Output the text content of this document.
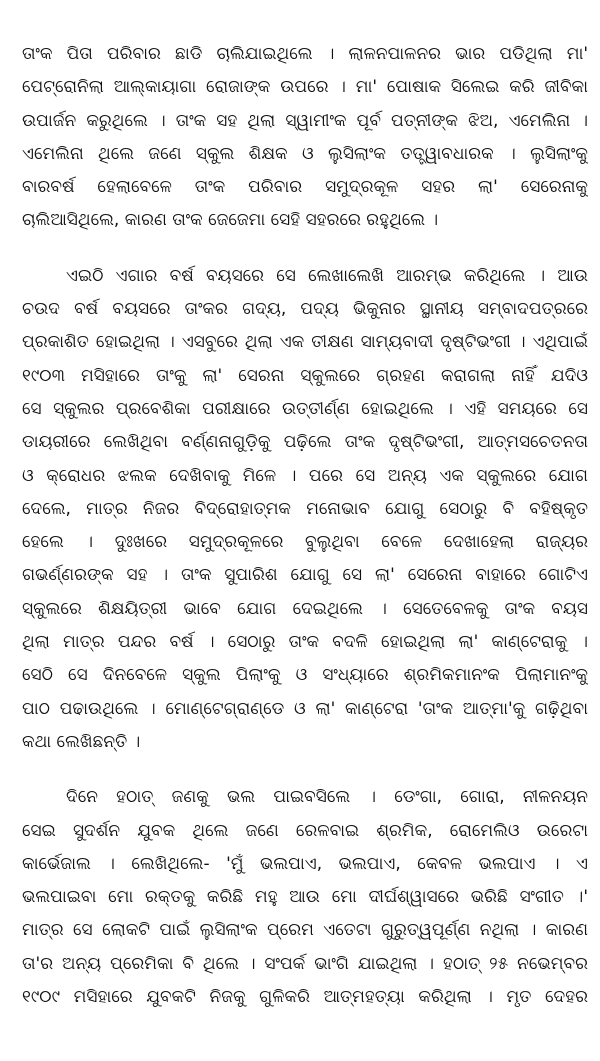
ତାଂକ ପିତା ପରିବାର ଛାଡି ଚାଲିଯାଇଥିଲେ । ଲାଳନପାଳନର ଭାର ପଡିଥିଲା ମା'
ପେଟ୍ରୋନିଲା ଆଲ୍‌କାୟାଗା ରୋଜାଙ୍କ ଉପରେ । ମା' ପୋଷାକ ସିଲେଇ କରି ଜୀବିକା
ଉପାର୍ଜନ କରୁଥିଲେ । ତାଂକ ସହ ଥିଲା ସ୍ୱାମୀଂକ ପୂର୍ବ ପତ୍ନୀଙ୍କ ଝିଅ, ଏମେଲିନା ।
ଏମେଲିନା ଥିଲେ ଜଣେ ସ୍କୁଲ ଶିକ୍ଷକ ଓ ଲୁସିଲାଂକ ତତ୍ତ୍ୱାବଧାରକ । ଲୁସିଲାଂକୁ
ବାରବର୍ଷ ହେଲାବେଳେ ତାଂକ ପରିବାର ସମୁଦ୍ରକୂଳ ସହର ଲା' ସେରେନାକୁ
ଚାଲିଆସିଥିଲେ, କାରଣ ତାଂକ ଜେଜେମା ସେହି ସହରରେ ରହୁଥିଲେ ।
ଏଇଠି ଏଗାର ବର୍ଷ ବୟସରେ ସେ ଲେଖାଲେଖି ଆରମ୍ଭ କରିଥିଲେ । ଆଉ
ଚଉଦ ବର୍ଷ ବୟସରେ ତାଂକର ଗଦ୍ୟ, ପଦ୍ୟ ଭିକୁନାର ସ୍ଥାନୀୟ ସମ୍ବାଦପତ୍ରରେ
ପ୍ରକାଶିତ ହୋଇଥିଲା । ଏସବୁରେ ଥିଲା ଏକ ତୀକ୍ଷଣ ସାମ୍ୟବାଦୀ ଦୃଷ୍ଟିଭଂଗୀ । ଏଥିପାଇଁ
୧୯୦୩ ମସିହାରେ ତାଂକୁ ଲା' ସେରନା ସ୍କୁଲରେ ଗ୍ରହଣ କରାଗଲା ନାହିଁ ଯଦିଓ
ସେ ସ୍କୁଲର ପ୍ରବେଶିକା ପରୀକ୍ଷାରେ ଉତ୍ତୀର୍ଣ୍ଣ ହୋଇଥିଲେ । ଏହି ସମୟରେ ସେ
ଡାୟରୀରେ ଲେଖିଥିବା ବର୍ଣ୍ଣନାଗୁଡ଼ିକୁ ପଢ଼ିଲେ ତାଂକ ଦୃଷ୍ଟିଭଂଗୀ, ଆତ୍ମସଚେତନତା
ଓ କ୍ରୋଧର ଝଲକ ଦେଖିବାକୁ ମିଳେ । ପରେ ସେ ଅନ୍ୟ ଏକ ସ୍କୁଲରେ ଯୋଗ
ଦେଲେ, ମାତ୍ର ନିଜର ବିଦ୍ରୋହାତ୍ମକ ମନୋଭାବ ଯୋଗୁ ସେଠାରୁ ବି ବହିଷ୍କୃତ
ହେଲେ । ଦୁଃଖରେ ସମୁଦ୍ରକୂଳରେ ବୁଲୁଥିବା ବେଳେ ଦେଖାହେଲା ରାଜ୍ୟର
ଗଭର୍ଣ୍ଣରଙ୍କ ସହ । ତାଂକ ସୁପାରିଶ ଯୋଗୁ ସେ ଲା' ସେରେନା ବାହାରେ ଗୋଟିଏ
ସ୍କୁଲରେ ଶିକ୍ଷୟିତ୍ରୀ ଭାବେ ଯୋଗ ଦେଇଥିଲେ । ସେତେବେଳକୁ ତାଂକ ବୟସ
ଥିଲା ମାତ୍ର ପନ୍ଦର ବର୍ଷ । ସେଠାରୁ ତାଂକ ବଦଳି ହୋଇଥିଲା ଲା' କାଣ୍ଟେରାକୁ ।
ସେଠି ସେ ଦିନବେଳେ ସ୍କୁଲ ପିଲାଂକୁ ଓ ସଂଧ୍ୟାରେ ଶ୍ରମିକମାନଂକ ପିଲାମାନଂକୁ
ପାଠ ପଢାଉଥିଲେ । ମୋଣ୍ଟେଗ୍ରାଣ୍ଡେ ଓ ଲା' କାଣ୍ଟେରା 'ତାଂକ ଆତ୍ମା'କୁ ଗଢ଼ିଥିବା
କଥା ଲେଖିଛନ୍ତି ।
ଦିନେ ହଠାତ୍ ଜଣକୁ ଭଲ ପାଇବସିଲେ । ଡେଂଗା, ଗୋରା, ନୀଳନୟନ
ସେଇ ସୁଦର୍ଶନ ଯୁବକ ଥିଲେ ଜଣେ ରେଳବାଇ ଶ୍ରମିକ, ରୋମେଲିଓ ଉରେଟା
କାର୍ଭେଜାଲ । ଲେଖିଥିଲେ- 'ମୁଁ ଭଲପାଏ, ଭଲପାଏ, କେବଳ ଭଲପାଏ । ଏ
ଭଲପାଇବା ମୋ ରକ୍ତକୁ କରିଛି ମହୁ ଆଉ ମୋ ଦୀର୍ଘଶ୍ୱାସରେ ଭରିଛି ସଂଗୀତ ।'
ମାତ୍ର ସେ ଲୋକଟି ପାଇଁ ଲୁସିଲାଂକ ପ୍ରେମ ଏତେଟା ଗୁରୁତ୍ୱପୂର୍ଣ୍ଣ ନଥିଲା । କାରଣ
ତା'ର ଅନ୍ୟ ପ୍ରେମିକା ବି ଥିଲେ । ସଂପର୍କ ଭାଂଗି ଯାଇଥିଲା । ହଠାତ୍ ୨୫ ନଭେମ୍ବର
୧୯୦୯ ମସିହାରେ ଯୁବକଟି ନିଜକୁ ଗୁଳିକରି ଆତ୍ମହତ୍ୟା କରିଥିଲା । ମୃତ ଦେହର
